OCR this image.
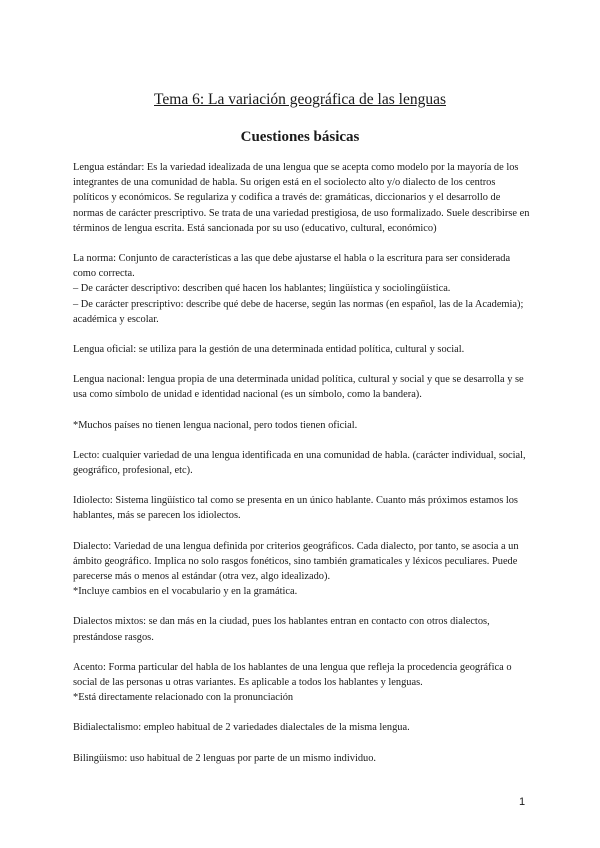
Tema 6: La variación geográfica de las lenguas
Cuestiones básicas

Lengua estándar: Es la variedad idealizada de una lengua que se acepta como modelo por la mayoría de los integrantes de una comunidad de habla. Su origen está en el sociolecto alto y/o dialecto de los centros políticos y económicos. Se regulariza y codifica a través de: gramáticas, diccionarios y el desarrollo de normas de carácter prescriptivo. Se trata de una variedad prestigiosa, de uso formalizado. Suele describirse en términos de lengua escrita. Está sancionada por su uso (educativo, cultural, económico)

La norma: Conjunto de características a las que debe ajustarse el habla o la escritura para ser considerada como correcta.

– De carácter descriptivo: describen qué hacen los hablantes; lingüística y sociolingüística.

– De carácter prescriptivo: describe qué debe de hacerse, según las normas (en español, las de la Academia); académica y escolar.

Lengua oficial: se utiliza para la gestión de una determinada entidad política, cultural y social.

Lengua nacional: lengua propia de una determinada unidad política, cultural y social y que se desarrolla y se usa como símbolo de unidad e identidad nacional (es un símbolo, como la bandera).

*Muchos países no tienen lengua nacional, pero todos tienen oficial.

Lecto: cualquier variedad de una lengua identificada en una comunidad de habla. (carácter individual, social, geográfico, profesional, etc).

Idiolecto: Sistema lingüístico tal como se presenta en un único hablante. Cuanto más próximos estamos los hablantes, más se parecen los idiolectos.

Dialecto: Variedad de una lengua definida por criterios geográficos. Cada dialecto, por tanto, se asocia a un ámbito geográfico. Implica no solo rasgos fonéticos, sino también gramaticales y léxicos peculiares. Puede parecerse más o menos al estándar (otra vez, algo idealizado).

*Incluye cambios en el vocabulario y en la gramática.

Dialectos mixtos: se dan más en la ciudad, pues los hablantes entran en contacto con otros dialectos, prestándose rasgos.

Acento: Forma particular del habla de los hablantes de una lengua que refleja la procedencia geográfica o social de las personas u otras variantes. Es aplicable a todos los hablantes y lenguas.

*Está directamente relacionado con la pronunciación

Bidialectalismo: empleo habitual de 2 variedades dialectales de la misma lengua.

Bilingüismo: uso habitual de 2 lenguas por parte de un mismo individuo.

1
